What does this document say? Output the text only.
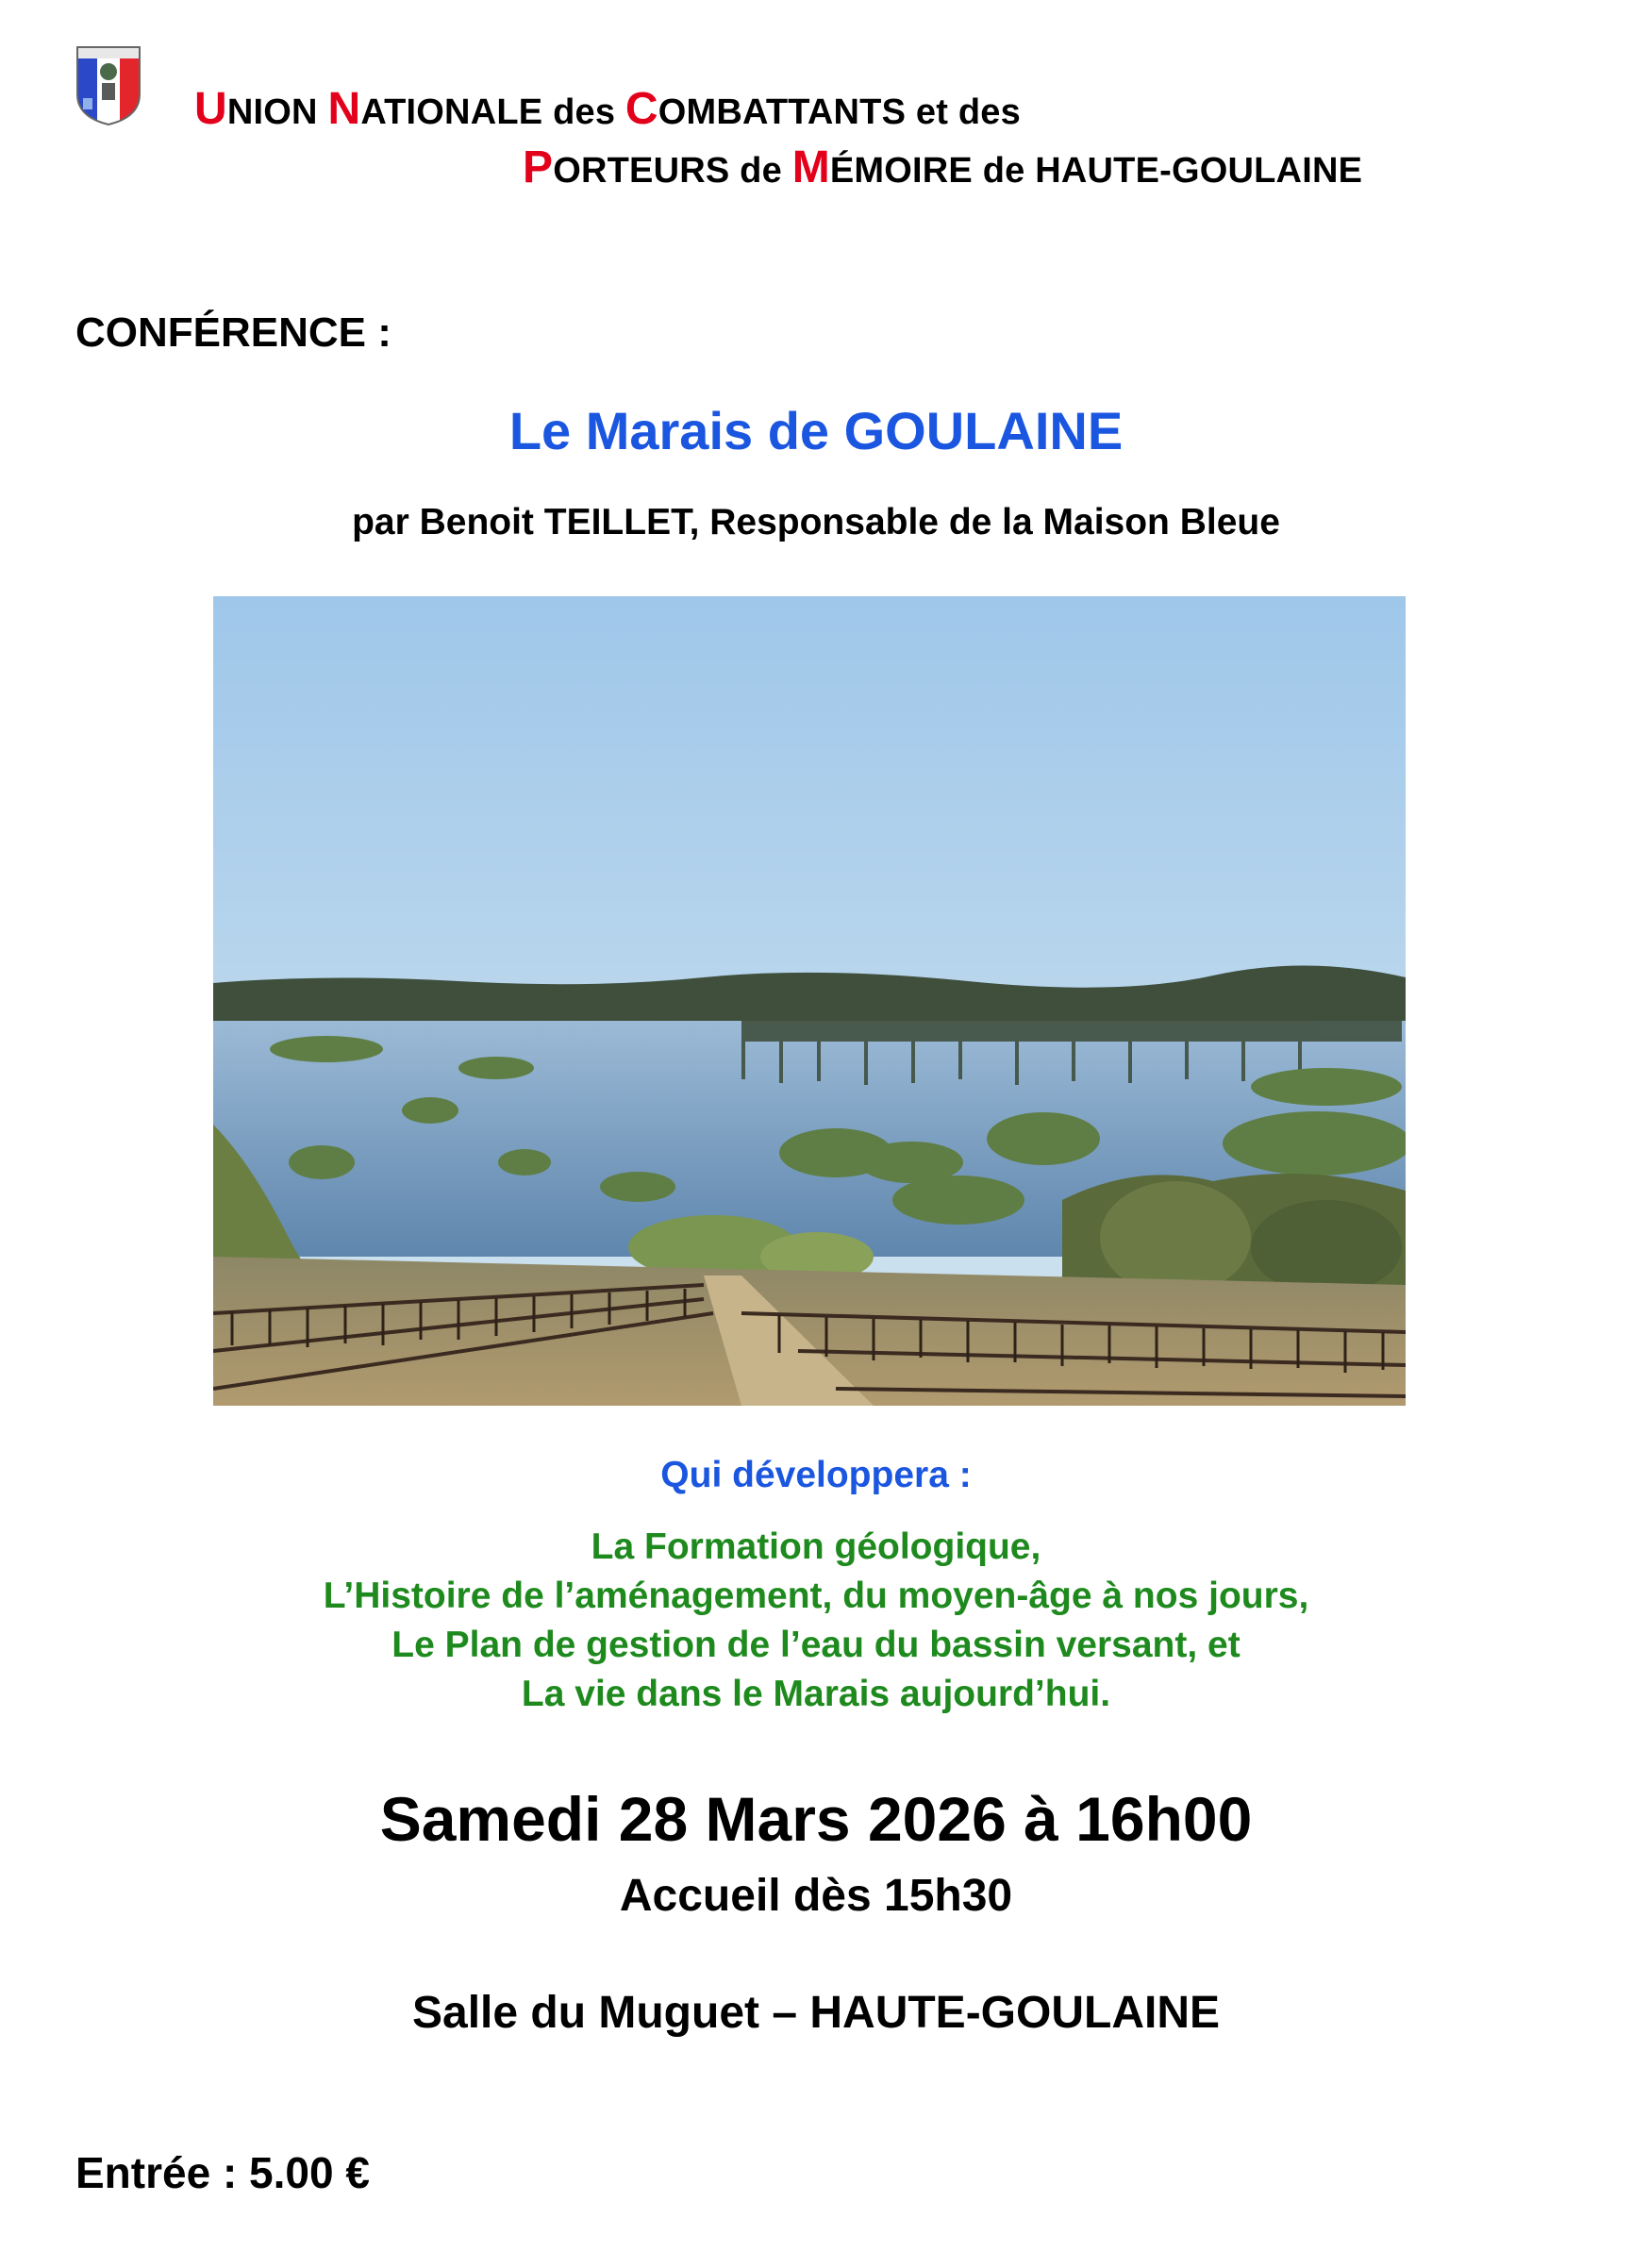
UNION NATIONALE des COMBATTANTS et des
PORTEURS de MÉMOIRE de HAUTE-GOULAINE
CONFÉRENCE :
Le Marais de GOULAINE
par Benoit TEILLET, Responsable de la Maison Bleue
Qui développera :
La Formation géologique,
L’Histoire de l’aménagement, du moyen-âge à nos jours,
Le Plan de gestion de l’eau du bassin versant, et
La vie dans le Marais aujourd’hui.
Samedi 28 Mars 2026 à 16h00
Accueil dès 15h30
Salle du Muguet – HAUTE-GOULAINE
Entrée : 5.00 €
